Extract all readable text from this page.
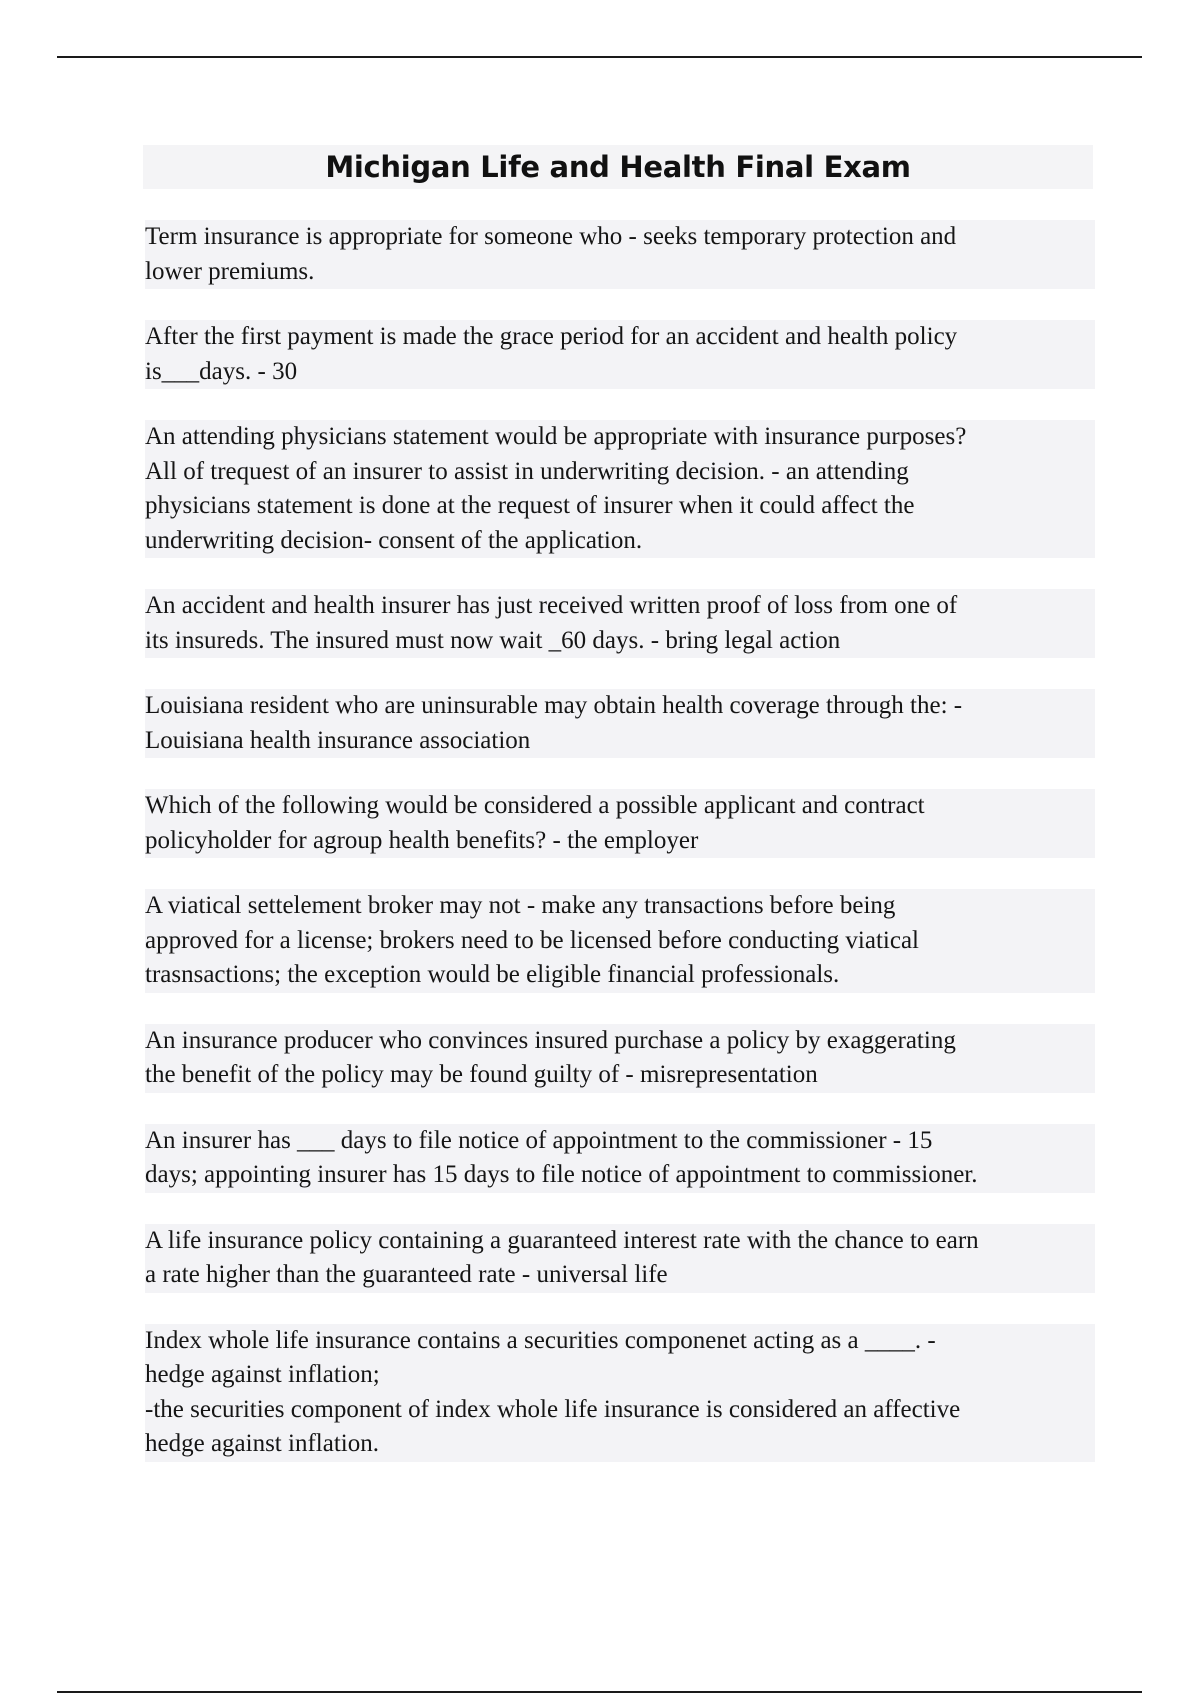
Michigan Life and Health Final Exam

Term insurance is appropriate for someone who - seeks temporary protection and
lower premiums.

After the first payment is made the grace period for an accident and health policy
is___days. - 30

An attending physicians statement would be appropriate with insurance purposes?
All of trequest of an insurer to assist in underwriting decision. - an attending
physicians statement is done at the request of insurer when it could affect the
underwriting decision- consent of the application.

An accident and health insurer has just received written proof of loss from one of
its insureds. The insured must now wait _60 days. - bring legal action

Louisiana resident who are uninsurable may obtain health coverage through the: -
Louisiana health insurance association

Which of the following would be considered a possible applicant and contract
policyholder for agroup health benefits? - the employer

A viatical settelement broker may not - make any transactions before being
approved for a license; brokers need to be licensed before conducting viatical
trasnsactions; the exception would be eligible financial professionals.

An insurance producer who convinces insured purchase a policy by exaggerating
the benefit of the policy may be found guilty of - misrepresentation

An insurer has ___ days to file notice of appointment to the commissioner - 15
days; appointing insurer has 15 days to file notice of appointment to commissioner.

A life insurance policy containing a guaranteed interest rate with the chance to earn
a rate higher than the guaranteed rate - universal life

Index whole life insurance contains a securities componenet acting as a ____. -
hedge against inflation;
-the securities component of index whole life insurance is considered an affective
hedge against inflation.
